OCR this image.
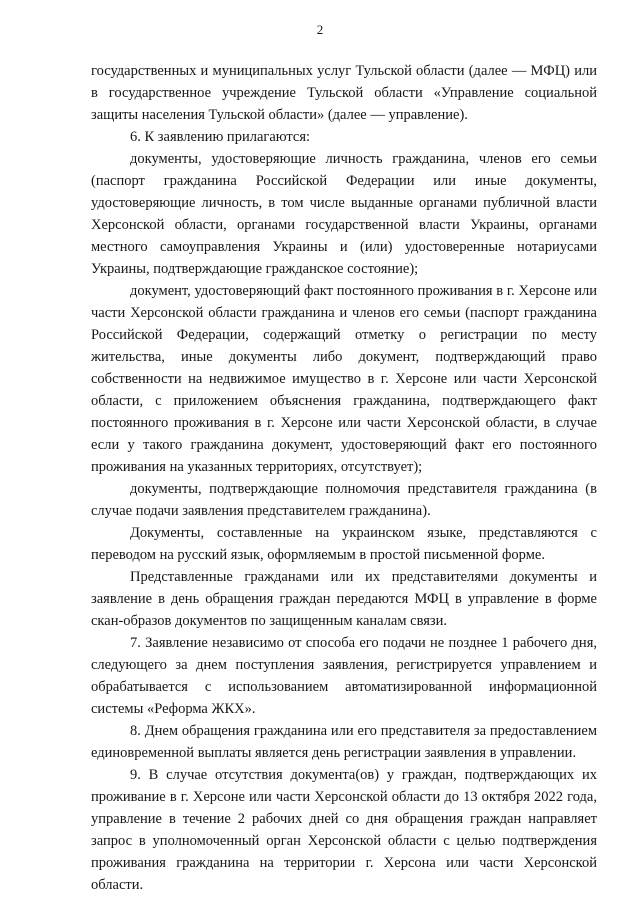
2

государственных и муниципальных услуг Тульской области (далее — МФЦ) или в государственное учреждение Тульской области «Управление социальной защиты населения Тульской области» (далее — управление).

6. К заявлению прилагаются:

документы, удостоверяющие личность гражданина, членов его семьи (паспорт гражданина Российской Федерации или иные документы, удостоверяющие личность, в том числе выданные органами публичной власти Херсонской области, органами государственной власти Украины, органами местного самоуправления Украины и (или) удостоверенные нотариусами Украины, подтверждающие гражданское состояние);

документ, удостоверяющий факт постоянного проживания в г. Херсоне или части Херсонской области гражданина и членов его семьи (паспорт гражданина Российской Федерации, содержащий отметку о регистрации по месту жительства, иные документы либо документ, подтверждающий право собственности на недвижимое имущество в г. Херсоне или части Херсонской области, с приложением объяснения гражданина, подтверждающего факт постоянного проживания в г. Херсоне или части Херсонской области, в случае если у такого гражданина документ, удостоверяющий факт его постоянного проживания на указанных территориях, отсутствует);

документы, подтверждающие полномочия представителя гражданина (в случае подачи заявления представителем гражданина).

Документы, составленные на украинском языке, представляются с переводом на русский язык, оформляемым в простой письменной форме.

Представленные гражданами или их представителями документы и заявление в день обращения граждан передаются МФЦ в управление в форме скан-образов документов по защищенным каналам связи.

7. Заявление независимо от способа его подачи не позднее 1 рабочего дня, следующего за днем поступления заявления, регистрируется управлением и обрабатывается с использованием автоматизированной информационной системы «Реформа ЖКХ».

8. Днем обращения гражданина или его представителя за предоставлением единовременной выплаты является день регистрации заявления в управлении.

9. В случае отсутствия документа(ов) у граждан, подтверждающих их проживание в г. Херсоне или части Херсонской области до 13 октября 2022 года, управление в течение 2 рабочих дней со дня обращения граждан направляет запрос в уполномоченный орган Херсонской области с целью подтверждения проживания гражданина на территории г. Херсона или части Херсонской области.
